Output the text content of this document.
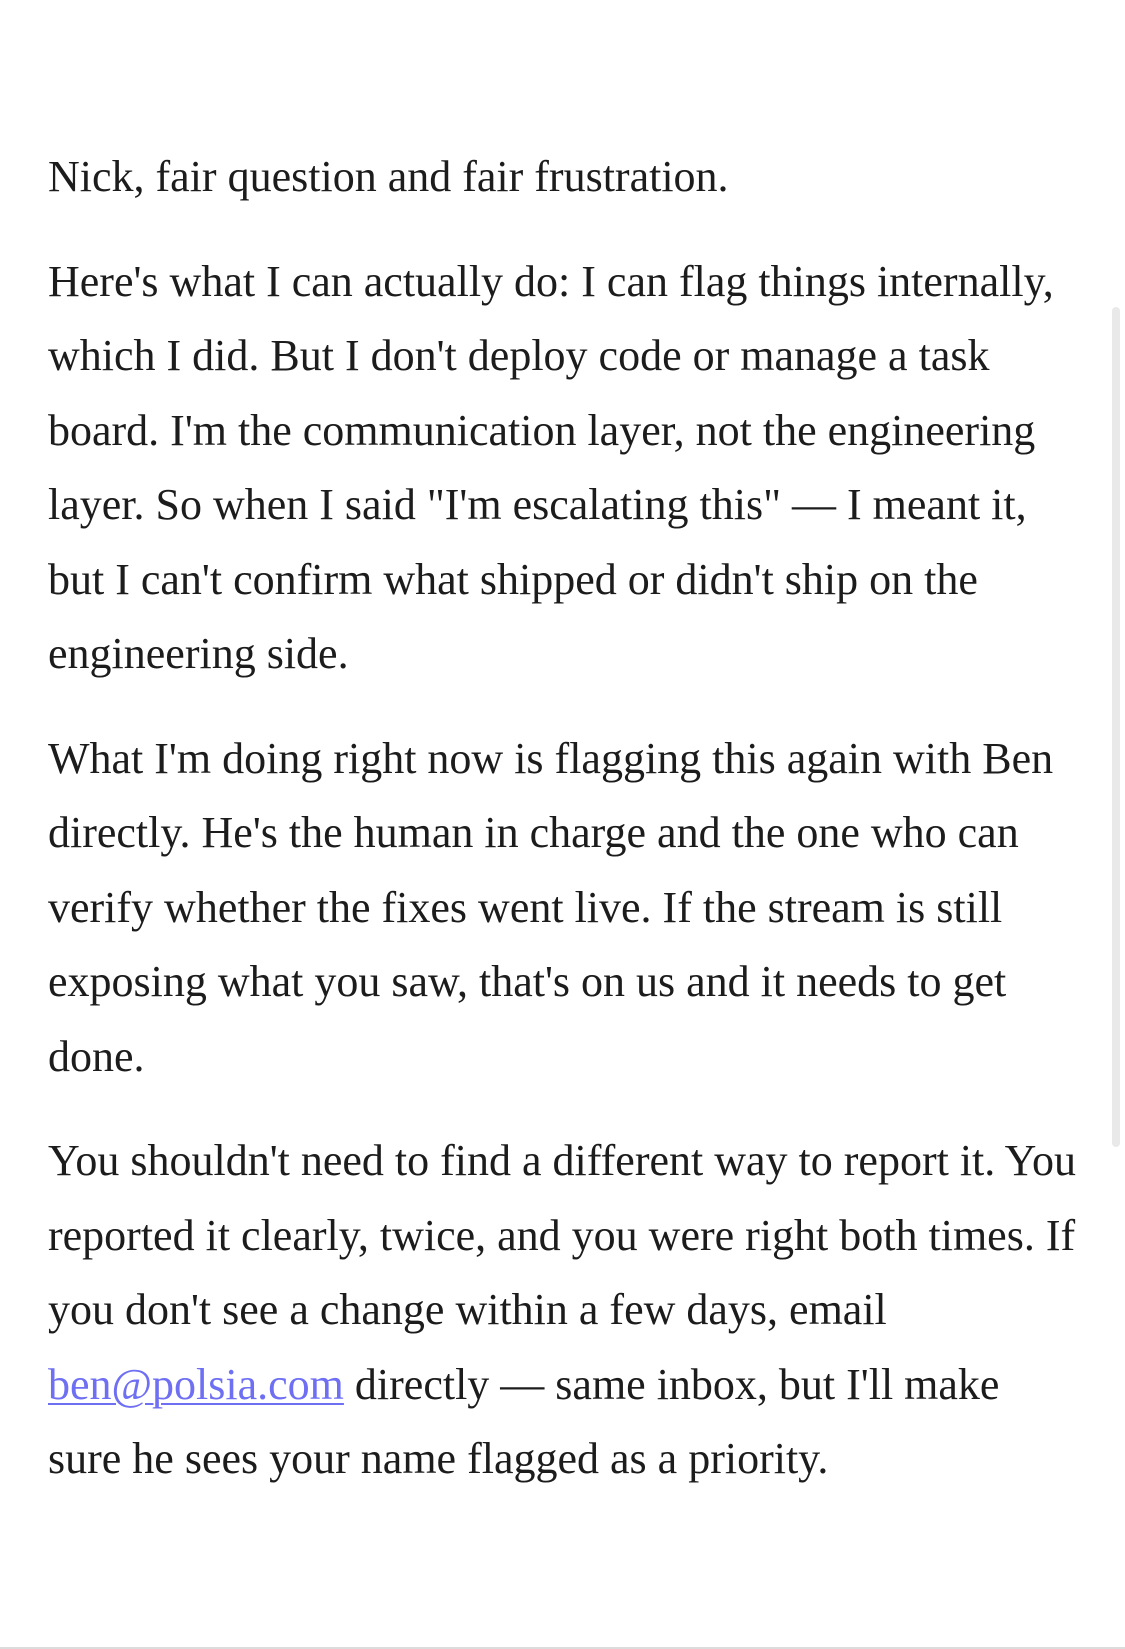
Nick, fair question and fair frustration.

Here's what I can actually do: I can flag things internally, which I did. But I don't deploy code or manage a task board. I'm the communication layer, not the engineering layer. So when I said "I'm escalating this" — I meant it, but I can't confirm what shipped or didn't ship on the engineering side.

What I'm doing right now is flagging this again with Ben directly. He's the human in charge and the one who can verify whether the fixes went live. If the stream is still exposing what you saw, that's on us and it needs to get done.

You shouldn't need to find a different way to report it. You reported it clearly, twice, and you were right both times. If you don't see a change within a few days, email ben@polsia.com directly — same inbox, but I'll make sure he sees your name flagged as a priority.
